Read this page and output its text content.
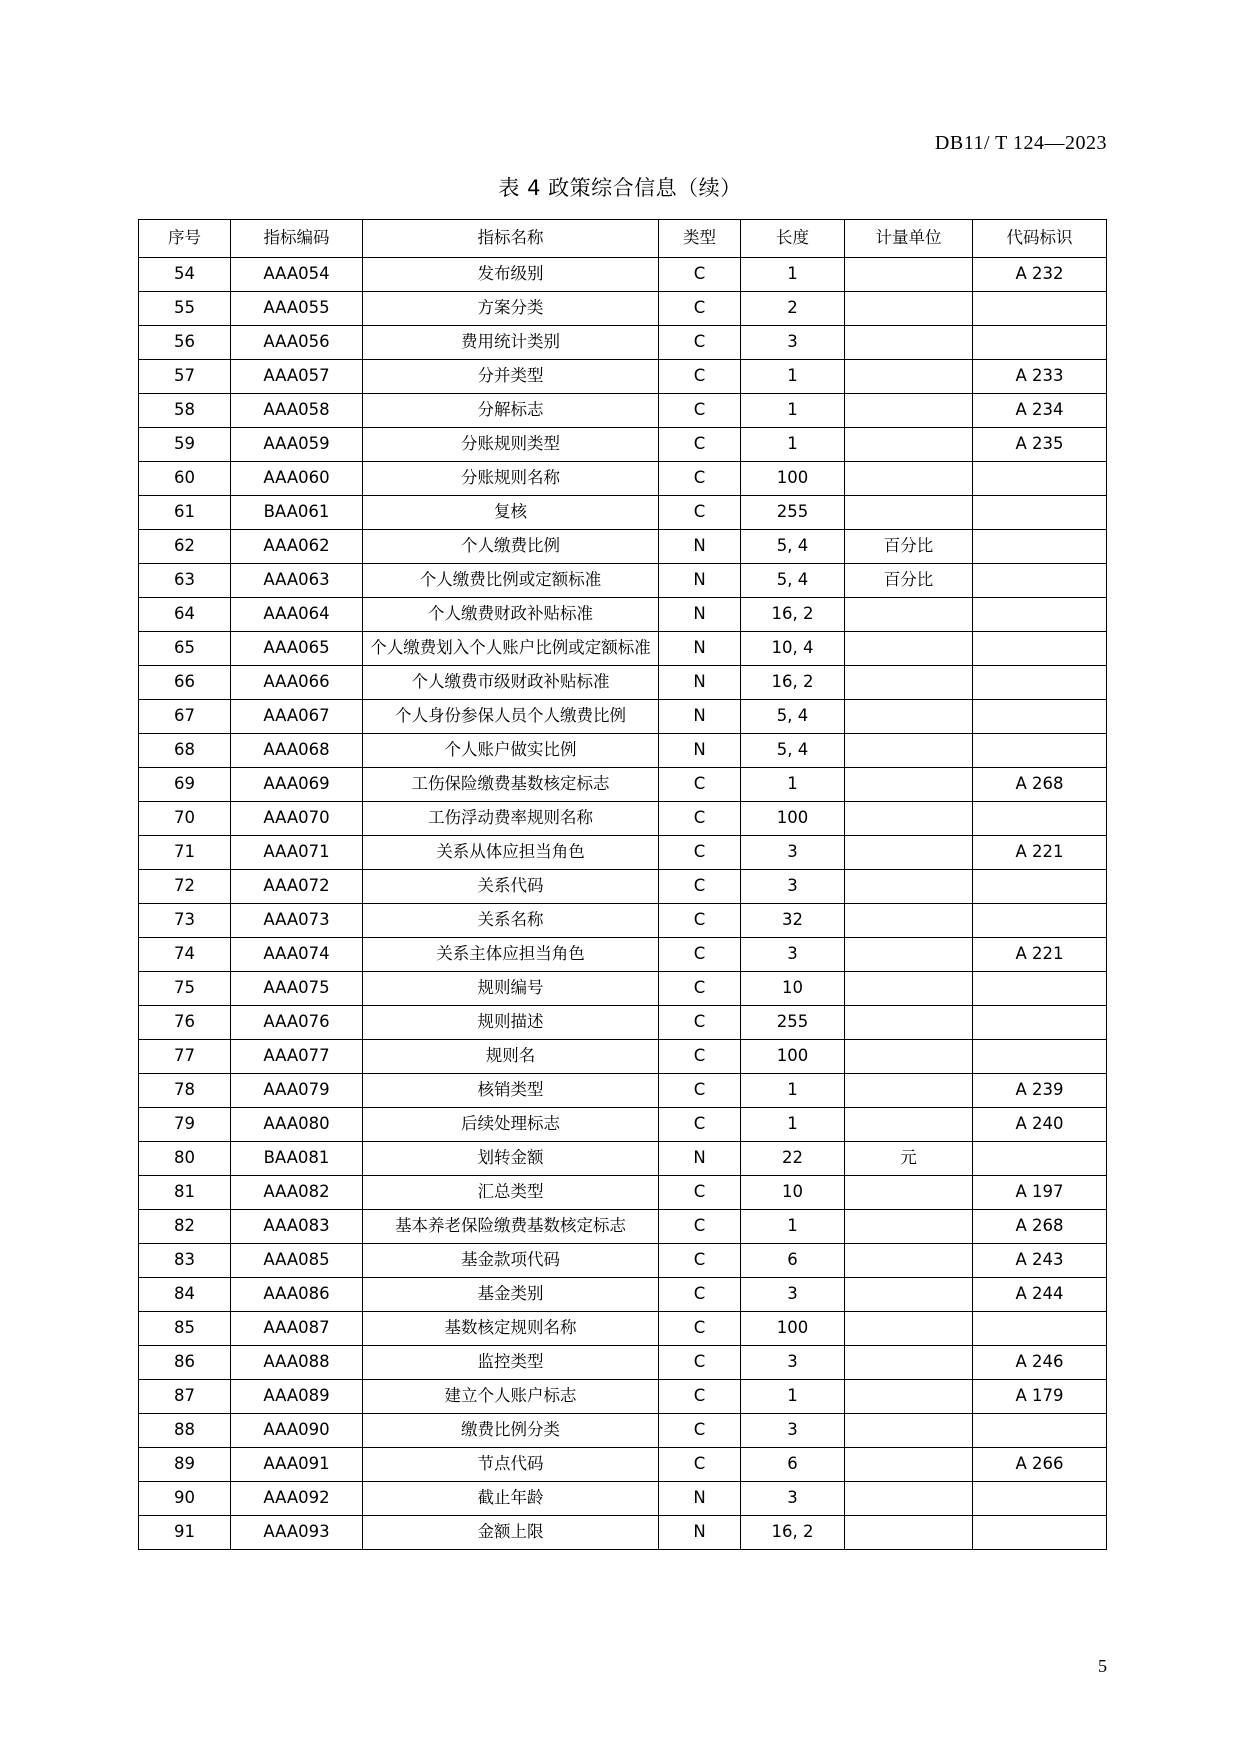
DB11/ T 124—2023
表 4 政策综合信息（续）
序号	指标编码	指标名称	类型	长度	计量单位	代码标识
54	AAA054	发布级别	C	1		A 232
55	AAA055	方案分类	C	2		
56	AAA056	费用统计类别	C	3		
57	AAA057	分并类型	C	1		A 233
58	AAA058	分解标志	C	1		A 234
59	AAA059	分账规则类型	C	1		A 235
60	AAA060	分账规则名称	C	100		
61	BAA061	复核	C	255		
62	AAA062	个人缴费比例	N	5, 4	百分比	
63	AAA063	个人缴费比例或定额标准	N	5, 4	百分比	
64	AAA064	个人缴费财政补贴标准	N	16, 2		
65	AAA065	个人缴费划入个人账户比例或定额标准	N	10, 4		
66	AAA066	个人缴费市级财政补贴标准	N	16, 2		
67	AAA067	个人身份参保人员个人缴费比例	N	5, 4		
68	AAA068	个人账户做实比例	N	5, 4		
69	AAA069	工伤保险缴费基数核定标志	C	1		A 268
70	AAA070	工伤浮动费率规则名称	C	100		
71	AAA071	关系从体应担当角色	C	3		A 221
72	AAA072	关系代码	C	3		
73	AAA073	关系名称	C	32		
74	AAA074	关系主体应担当角色	C	3		A 221
75	AAA075	规则编号	C	10		
76	AAA076	规则描述	C	255		
77	AAA077	规则名	C	100		
78	AAA079	核销类型	C	1		A 239
79	AAA080	后续处理标志	C	1		A 240
80	BAA081	划转金额	N	22	元	
81	AAA082	汇总类型	C	10		A 197
82	AAA083	基本养老保险缴费基数核定标志	C	1		A 268
83	AAA085	基金款项代码	C	6		A 243
84	AAA086	基金类别	C	3		A 244
85	AAA087	基数核定规则名称	C	100		
86	AAA088	监控类型	C	3		A 246
87	AAA089	建立个人账户标志	C	1		A 179
88	AAA090	缴费比例分类	C	3		
89	AAA091	节点代码	C	6		A 266
90	AAA092	截止年龄	N	3		
91	AAA093	金额上限	N	16, 2		
5
